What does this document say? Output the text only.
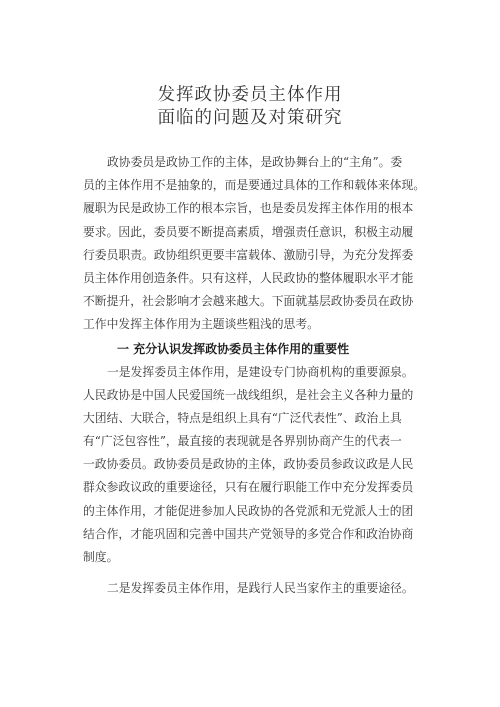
发挥政协委员主体作用
面临的问题及对策研究
政协委员是政协工作的主体，是政协舞台上的“主角”。委
员的主体作用不是抽象的，而是要通过具体的工作和载体来体现。
履职为民是政协工作的根本宗旨，也是委员发挥主体作用的根本
要求。因此，委员要不断提高素质，增强责任意识，积极主动履
行委员职责。政协组织更要丰富载体、激励引导，为充分发挥委
员主体作用创造条件。只有这样，人民政协的整体履职水平才能
不断提升，社会影响才会越来越大。下面就基层政协委员在政协
工作中发挥主体作用为主题谈些粗浅的思考。
一 充分认识发挥政协委员主体作用的重要性
一是发挥委员主体作用，是建设专门协商机构的重要源泉。
人民政协是中国人民爱国统一战线组织，是社会主义各种力量的
大团结、大联合，特点是组织上具有“广泛代表性”、政治上具
有“广泛包容性”，最直接的表现就是各界别协商产生的代表一
一政协委员。政协委员是政协的主体，政协委员参政议政是人民
群众参政议政的重要途径，只有在履行职能工作中充分发挥委员
的主体作用，才能促进参加人民政协的各党派和无党派人士的团
结合作，才能巩固和完善中国共产党领导的多党合作和政治协商
制度。
二是发挥委员主体作用，是践行人民当家作主的重要途径。
